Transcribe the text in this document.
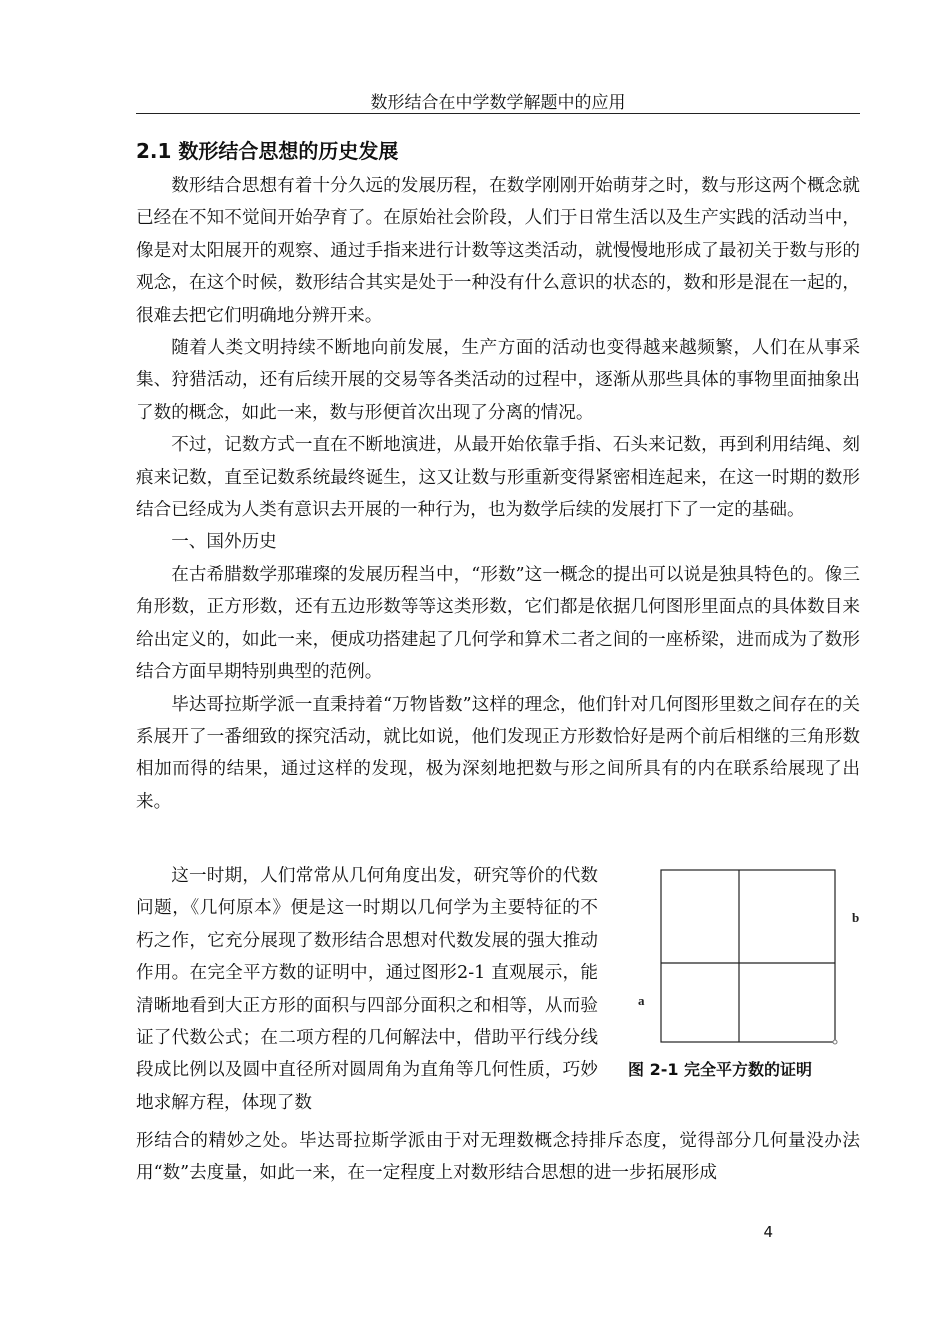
数形结合在中学数学解题中的应用
2.1 数形结合思想的历史发展

数形结合思想有着十分久远的发展历程，在数学刚刚开始萌芽之时，数与形这两个概念就已经在不知不觉间开始孕育了。在原始社会阶段，人们于日常生活以及生产实践的活动当中，像是对太阳展开的观察、通过手指来进行计数等这类活动，就慢慢地形成了最初关于数与形的观念，在这个时候，数形结合其实是处于一种没有什么意识的状态的，数和形是混在一起的，很难去把它们明确地分辨开来。

随着人类文明持续不断地向前发展，生产方面的活动也变得越来越频繁，人们在从事采集、狩猎活动，还有后续开展的交易等各类活动的过程中，逐渐从那些具体的事物里面抽象出了数的概念，如此一来，数与形便首次出现了分离的情况。

不过，记数方式一直在不断地演进，从最开始依靠手指、石头来记数，再到利用结绳、刻痕来记数，直至记数系统最终诞生，这又让数与形重新变得紧密相连起来，在这一时期的数形结合已经成为人类有意识去开展的一种行为，也为数学后续的发展打下了一定的基础。

一、国外历史

在古希腊数学那璀璨的发展历程当中，“形数”这一概念的提出可以说是独具特色的。像三角形数，正方形数，还有五边形数等等这类形数，它们都是依据几何图形里面点的具体数目来给出定义的，如此一来，便成功搭建起了几何学和算术二者之间的一座桥梁，进而成为了数形结合方面早期特别典型的范例。

毕达哥拉斯学派一直秉持着“万物皆数”这样的理念，他们针对几何图形里数之间存在的关系展开了一番细致的探究活动，就比如说，他们发现正方形数恰好是两个前后相继的三角形数相加而得的结果，通过这样的发现，极为深刻地把数与形之间所具有的内在联系给展现了出来。

这一时期，人们常常从几何角度出发，研究等价的代数问题，《几何原本》便是这一时期以几何学为主要特征的不朽之作，它充分展现了数形结合思想对代数发展的强大推动作用。在完全平方数的证明中，通过图形2-1 直观展示，能清晰地看到大正方形的面积与四部分面积之和相等，从而验证了代数公式；在二项方程的几何解法中，借助平行线分线段成比例以及圆中直径所对圆周角为直角等几何性质，巧妙地求解方程，体现了数

形结合的精妙之处。毕达哥拉斯学派由于对无理数概念持排斥态度，觉得部分几何量没办法用“数”去度量，如此一来，在一定程度上对数形结合思想的进一步拓展形成

b
a
图 2-1 完全平方数的证明
4
